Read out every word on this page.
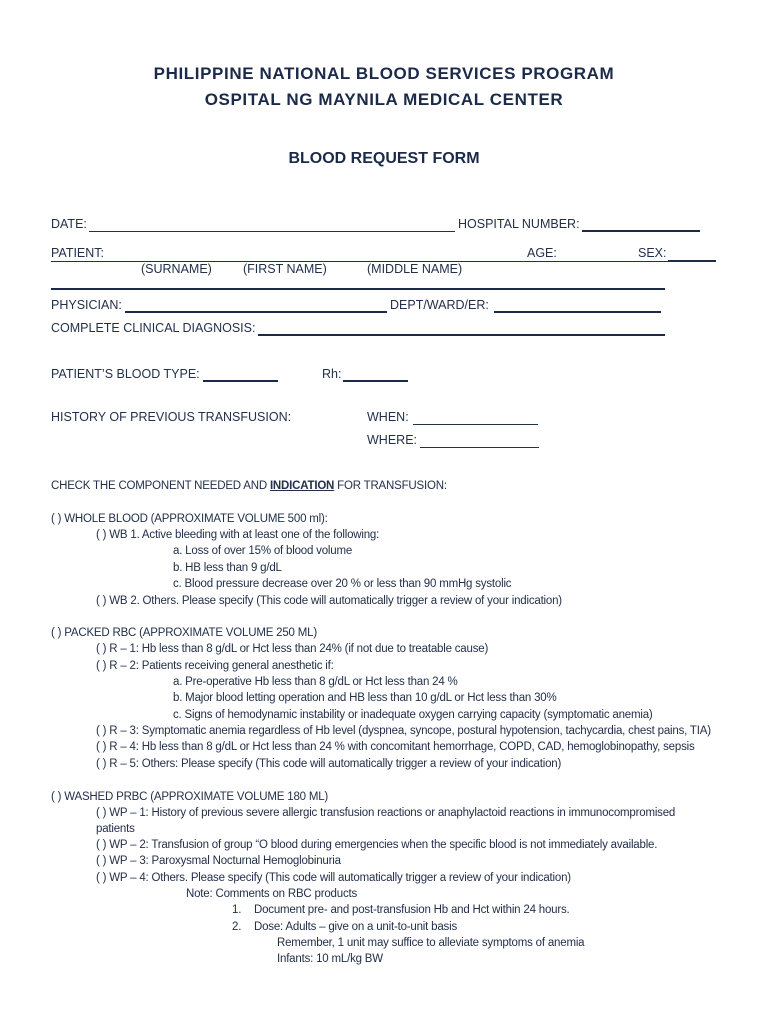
PHILIPPINE NATIONAL BLOOD SERVICES PROGRAM
OSPITAL NG MAYNILA MEDICAL CENTER
BLOOD REQUEST FORM
DATE:	HOSPITAL NUMBER:
PATIENT:	AGE:	SEX:
(SURNAME) (FIRST NAME)	(MIDDLE NAME)
PHYSICIAN:	DEPT/WARD/ER:
COMPLETE CLINICAL DIAGNOSIS:
PATIENT’S BLOOD TYPE:	Rh:
HISTORY OF PREVIOUS TRANSFUSION:	WHEN:
WHERE:
CHECK THE COMPONENT NEEDED AND INDICATION FOR TRANSFUSION:
( ) WHOLE BLOOD (APPROXIMATE VOLUME 500 ml):
( ) WB 1. Active bleeding with at least one of the following:
a. Loss of over 15% of blood volume
b. HB less than 9 g/dL
c. Blood pressure decrease over 20 % or less than 90 mmHg systolic
( ) WB 2. Others. Please specify (This code will automatically trigger a review of your indication)
( ) PACKED RBC (APPROXIMATE VOLUME 250 ML)
( ) R – 1: Hb less than 8 g/dL or Hct less than 24% (if not due to treatable cause)
( ) R – 2: Patients receiving general anesthetic if:
a. Pre-operative Hb less than 8 g/dL or Hct less than 24 %
b. Major blood letting operation and HB less than 10 g/dL or Hct less than 30%
c. Signs of hemodynamic instability or inadequate oxygen carrying capacity (symptomatic anemia)
( ) R – 3: Symptomatic anemia regardless of Hb level (dyspnea, syncope, postural hypotension, tachycardia, chest pains, TIA)
( ) R – 4: Hb less than 8 g/dL or Hct less than 24 % with concomitant hemorrhage, COPD, CAD, hemoglobinopathy, sepsis
( ) R – 5: Others: Please specify (This code will automatically trigger a review of your indication)
( ) WASHED PRBC (APPROXIMATE VOLUME 180 ML)
( ) WP – 1: History of previous severe allergic transfusion reactions or anaphylactoid reactions in immunocompromised
patients
( ) WP – 2: Transfusion of group “O blood during emergencies when the specific blood is not immediately available.
( ) WP – 3: Paroxysmal Nocturnal Hemoglobinuria
( ) WP – 4: Others. Please specify (This code will automatically trigger a review of your indication)
Note: Comments on RBC products
1. Document pre- and post-transfusion Hb and Hct within 24 hours.
2. Dose: Adults – give on a unit-to-unit basis
Remember, 1 unit may suffice to alleviate symptoms of anemia
Infants: 10 mL/kg BW
